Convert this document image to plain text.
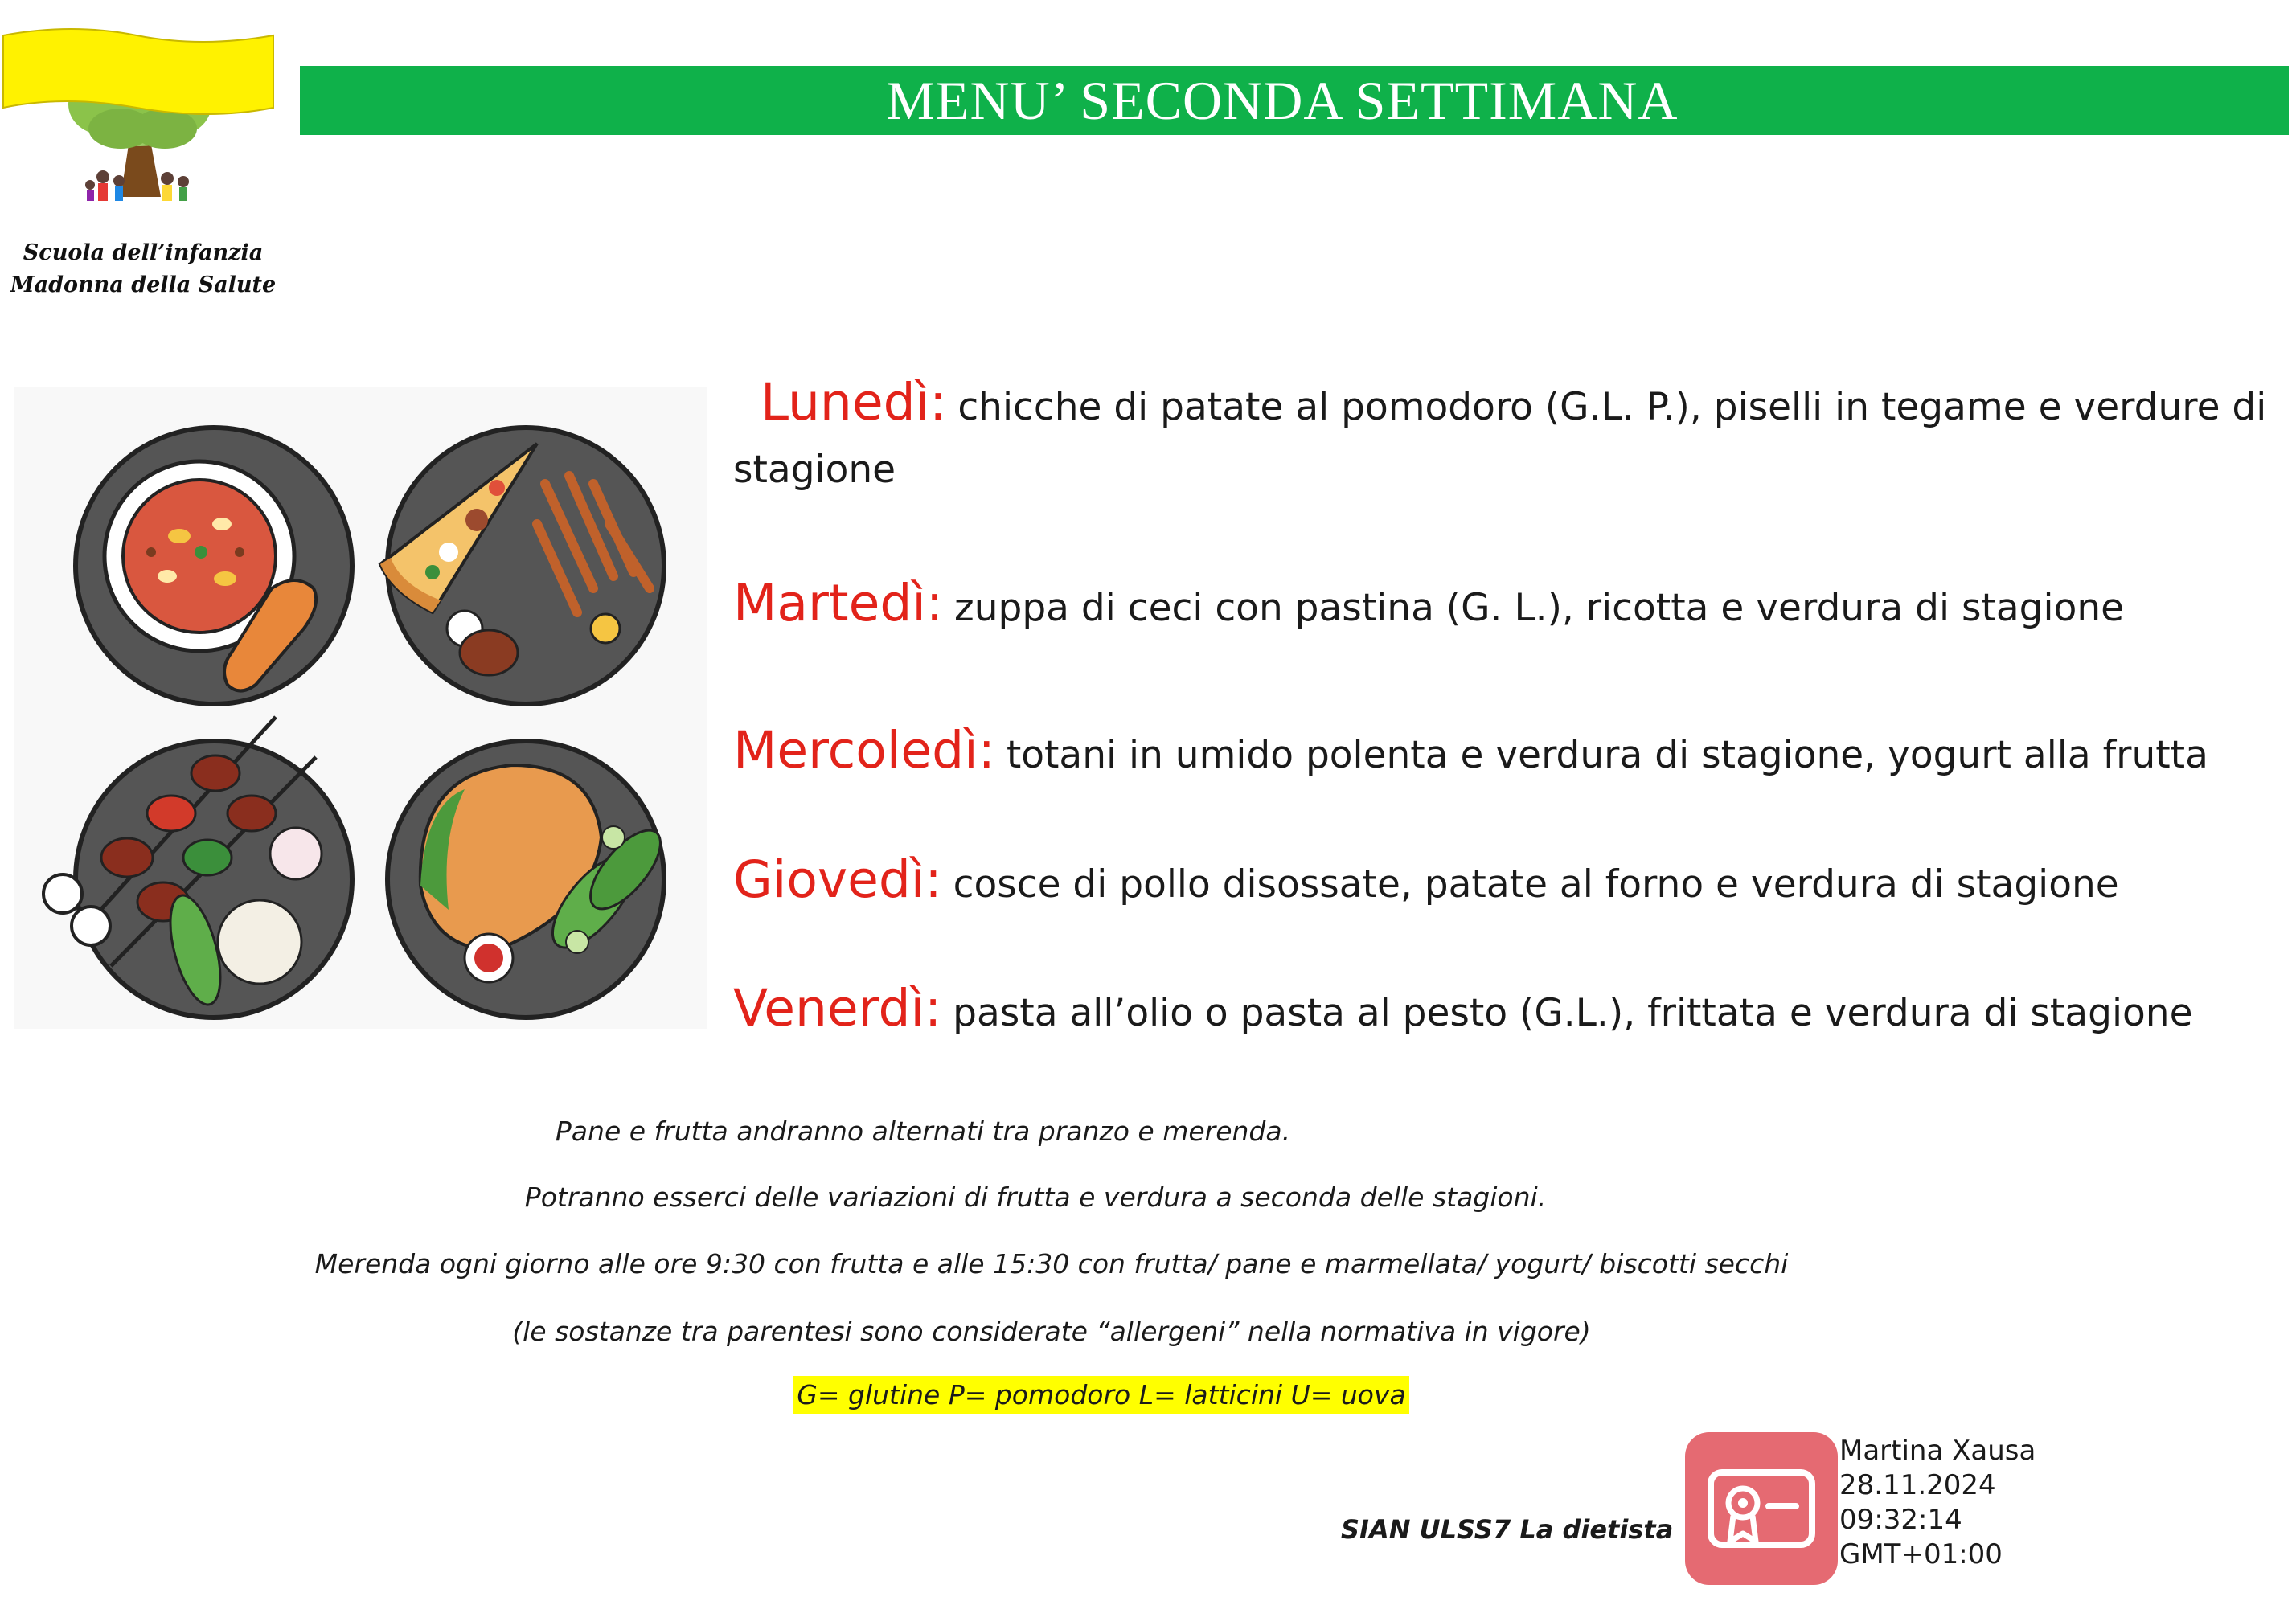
Scuola dell’infanzia
Madonna della Salute
MENU’ SECONDA SETTIMANA
Lunedì: chicche di patate al pomodoro (G.L. P.), piselli in tegame e verdure di stagione
Martedì: zuppa di ceci con pastina (G. L.), ricotta e verdura di stagione
Mercoledì: totani in umido polenta e verdura di stagione, yogurt alla frutta
Giovedì: cosce di pollo disossate, patate al forno e verdura di stagione
Venerdì: pasta all’olio o pasta al pesto (G.L.), frittata e verdura di stagione
Pane e frutta andranno alternati tra pranzo e merenda.
Potranno esserci delle variazioni di frutta e verdura a seconda delle stagioni.
Merenda ogni giorno alle ore 9:30 con frutta e alle 15:30 con frutta/ pane e marmellata/ yogurt/ biscotti secchi
(le sostanze tra parentesi sono considerate “allergeni” nella normativa in vigore)
G= glutine P= pomodoro L= latticini U= uova
SIAN ULSS7 La dietista
Martina Xausa
28.11.2024
09:32:14
GMT+01:00
